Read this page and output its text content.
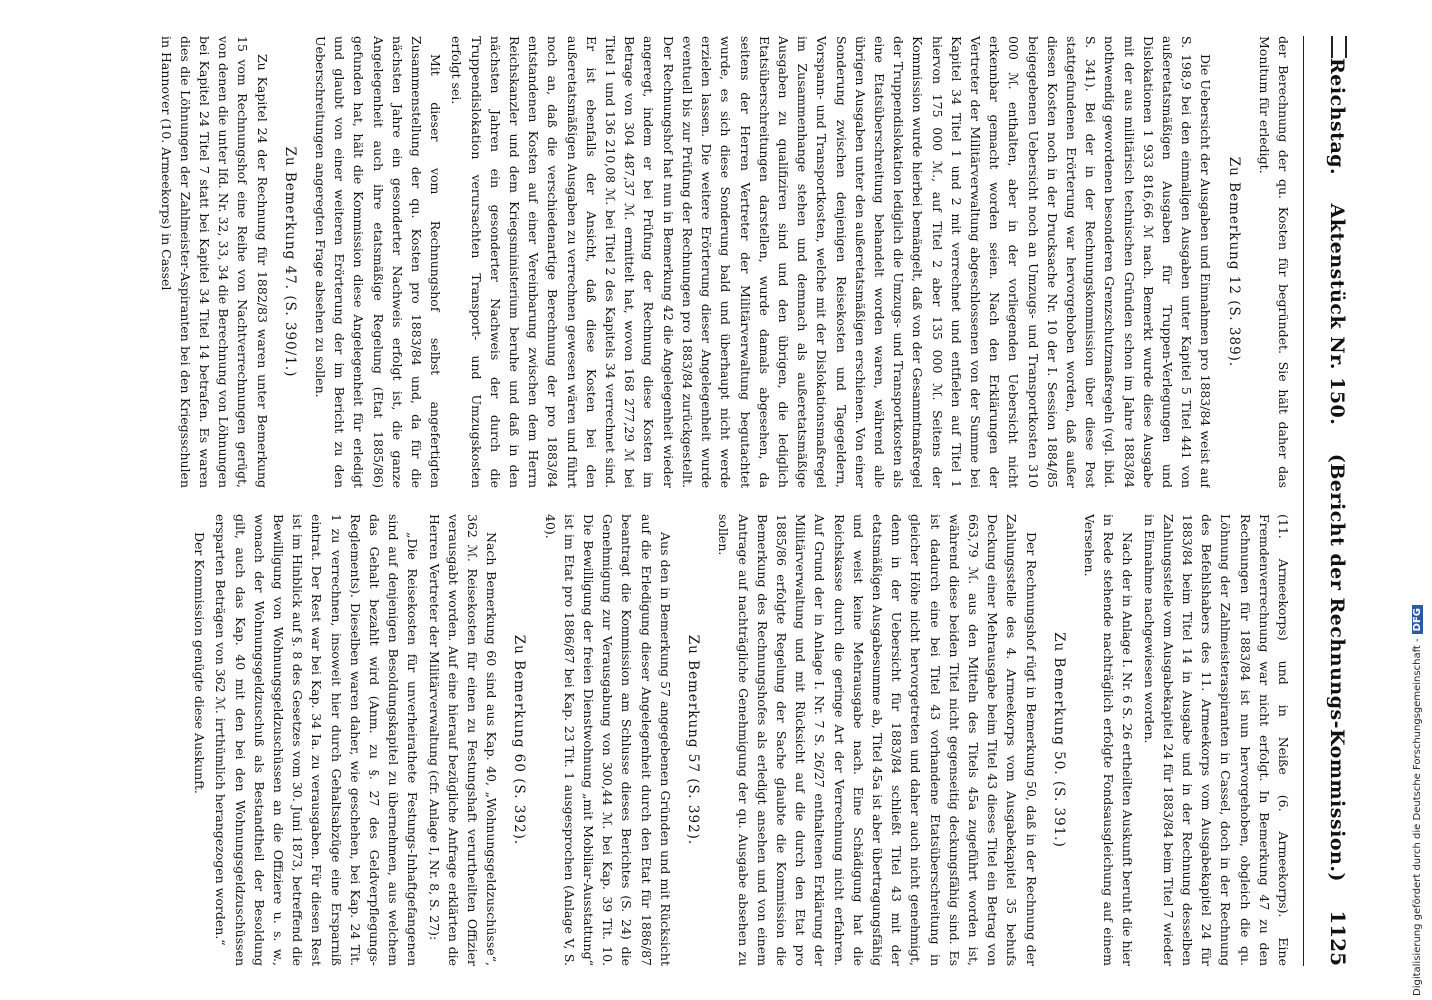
Reichstag.
Aktenstück Nr. 150.    (Bericht der Rechnungs-Kommission.)
1125

der Berechnung der qu. Kosten für begründet. Sie hält daher das Monitum für erledigt.

Zu Bemerkung 12 (S. 389).

Die Uebersicht der Ausgaben und Einnahmen pro 1883/84 weist auf S. 198,9 bei den einmaligen Ausgaben unter Kapitel 5 Titel 441 von außeretatsmäßigen Ausgaben für Truppen-Verlegungen und Dislokationen 1 933 816,66 ℳ nach. Bemerkt wurde diese Ausgabe mit der aus militärisch technischen Gründen schon im Jahre 1883/84 nothwendig gewordenen besonderen Grenzschutzmaßregeln (vgl. ibid. S. 341). Bei der in der Rechnungskommission über diese Post stattgefundenen Erörterung war hervorgehoben worden, daß außer diesen Kosten noch in der Drucksache Nr. 10 der I. Session 1884/85 beigegebenen Uebersicht noch an Umzugs- und Transportkosten 310 000 ℳ. enthalten, aber in der vorliegenden Uebersicht nicht erkennbar gemacht worden seien. Nach den Erklärungen der Vertreter der Militärverwaltung abgeschlossenen von der Summe bei Kapitel 34 Titel 1 und 2 mit verrechnet und entfielen auf Titel 1 hiervon 175 000 ℳ., auf Titel 2 aber 135 000 ℳ. Seitens der Kommission wurde hierbei bemängelt, daß von der Gesammtmaßregel der Truppendislokation lediglich die Umzugs- und Transportkosten als eine Etatsüberschreitung behandelt worden waren, während alle übrigen Ausgaben unter den außeretatsmäßigen erschienen. Von einer Sonderung zwischen denjenigen Reisekosten und Tagegeldern, Vorspann- und Transportkosten, welche mit der Dislokationsmaßregel im Zusammenhange stehen und demnach als außeretatsmäßige Ausgaben zu qualifiziren sind und den übrigen, die lediglich Etatsüberschreitungen darstellen, wurde damals abgesehen, da seitens der Herren Vertreter der Militärverwaltung begutachtet wurde, es sich diese Sonderung bald und überhaupt nicht werde erzielen lassen. Die weitere Erörterung dieser Angelegenheit wurde eventuell bis zur Prüfung der Rechnungen pro 1883/84 zurückgestellt. Der Rechnungshof hat nun in Bemerkung 42 die Angelegenheit wieder angeregt, indem er bei Prüfung der Rechnung diese Kosten im Betrage von 304 487,37 ℳ. ermittelt hat, wovon 168 277,29 ℳ bei Titel 1 und 136 210,08 ℳ. bei Titel 2 des Kapitels 34 verrechnet sind. Er ist ebenfalls der Ansicht, daß diese Kosten bei den außeretatsmäßigen Ausgaben zu verrechnen gewesen wären und führt noch an, daß die verschiedenartige Berechnung der pro 1883/84 entstandenen Kosten auf einer Vereinbarung zwischen dem Herrn Reichskanzler und dem Kriegsministerium beruhe und daß in den nächsten Jahren ein gesonderter Nachweis der durch die Truppendislokation verursachten Transport- und Umzugskosten erfolgt sei.

Mit dieser vom Rechnungshof selbst angefertigten Zusammenstellung der qu. Kosten pro 1883/84 und, da für die nächsten Jahre ein gesonderter Nachweis erfolgt ist, die ganze Angelegenheit auch ihre etatsmäßige Regelung (Etat 1885/86) gefunden hat, hält die Kommission diese Angelegenheit für erledigt und glaubt von einer weiteren Erörterung der im Bericht zu den Ueberschreitungen angeregten Frage absehen zu sollen.

Zu Bemerkung 47. (S. 390/1.)

Zu Kapitel 24 der Rechnung für 1882/83 waren unter Bemerkung 15 vom Rechnungshof eine Reihe von Nachtverrechnungen gerügt, von denen die unter lfd. Nr. 32, 33, 34 die Berechnung von Löhnungen bei Kapitel 24 Titel 7 statt bei Kapitel 34 Titel 14 betrafen. Es waren dies die Löhnungen der Zahlmeister-Aspiranten bei den Kriegsschulen in Hannover (10. Armeekorps) in Cassel

(11. Armeekorps) und in Neiße (6. Armeekorps). Eine Fremdenverrechnung war nicht erfolgt. In Bemerkung 47 zu den Rechnungen für 1883/84 ist nun hervorgehoben, obgleich die qu. Löhnung der Zahlmeisteraspiranten in Cassel, doch in der Rechnung des Befehlshabers des 11. Armeekorps vom Ausgabekapitel 24 für 1883/84 beim Titel 14 in Ausgabe und in der Rechnung desselben Zahlungsstelle vom Ausgabekapitel 24 für 1883/84 beim Titel 7 wieder in Einnahme nachgewiesen worden.

Nach der in Anlage I. Nr. 6 S. 26 ertheilten Auskunft beruht die hier in Rede stehende nachträglich erfolgte Fondsausgleichung auf einem Versehen.

Zu Bemerkung 50. (S. 391.)

Der Rechnungshof rügt in Bemerkung 50, daß in der Rechnung der Zahlungsstelle des 4. Armeekorps vom Ausgabekapitel 35 behufs Deckung einer Mehrausgabe beim Titel 43 dieses Titel ein Betrag von 663,79 ℳ. aus den Mitteln des Titels 45a zugeführt worden ist, während diese beiden Titel nicht gegenseitig deckungsfähig sind. Es ist dadurch eine bei Titel 43 vorhandene Etatsüberschreitung in gleicher Höhe nicht hervorgetreten und daher auch nicht genehmigt, denn in der Uebersicht für 1883/84 schließt Titel 43 mit der etatsmäßigen Ausgabesumme ab, Titel 45a ist aber übertragungsfähig und weist keine Mehrausgabe nach. Eine Schädigung hat die Reichskasse durch die geringe Art der Verrechnung nicht erfahren. Auf Grund der in Anlage I. Nr. 7 S. 26/27 enthaltenen Erklärung der Militärverwaltung und mit Rücksicht auf die durch den Etat pro 1885/86 erfolgte Regelung der Sache glaubte die Kommission die Bemerkung des Rechnungshofes als erledigt ansehen und von einem Antrage auf nachträgliche Genehmigung der qu. Ausgabe absehen zu sollen.

Zu Bemerkung 57 (S. 392).

Aus den in Bemerkung 57 angegebenen Gründen und mit Rücksicht auf die Erledigung dieser Angelegenheit durch den Etat für 1886/87 beantragt die Kommission am Schlusse dieses Berichtes (S. 24) die Genehmigung zur Verausgabung von 300,44 ℳ. bei Kap. 39 Tit. 10. Die Bewilligung der freien Dienstwohnung „mit Mobiliar-Ausstattung“ ist im Etat pro 1886/87 bei Kap. 23 Tit. 1 ausgesprochen (Anlage V, S. 40).

Zu Bemerkung 60 (S. 392).

Nach Bemerkung 60 sind aus Kap. 40, „Wohnungsgeldzuschüsse“, 362 ℳ. Reisekosten für einen zu Festungshaft verurtheilten Offizier verausgabt worden. Auf eine hierauf bezügliche Anfrage erklärten die Herren Vertreter der Militärverwaltung (cfr. Anlage I, Nr. 8, S. 27):

„Die Reisekosten für unverheirathete Festungs-Inhaftgefangenen sind auf denjenigen Besoldungskapitel zu übernehmen, aus welchem das Gehalt bezahlt wird (Anm. zu §. 27 des Geldverpflegungs-Reglements). Dieselben waren daher, wie geschehen, bei Kap. 24 Tit. 1 zu verrechnen, insoweit hier durch Gehaltsabzüge eine Ersparniß eintrat. Der Rest war bei Kap. 34 Ia. zu verausgaben. Für diesen Rest ist im Hinblick auf §. 8 des Gesetzes vom 30. Juni 1873, betreffend die Bewilligung von Wohnungsgeldzuschüssen an die Offiziere u. s. w., wonach der Wohnungsgeldzuschuß als Bestandtheil der Besoldung gilt, auch das Kap. 40 mit den bei den Wohnungsgeldzuschüssen ersparten Beträgen von 362 ℳ. irrthümlich herangezogen worden.“

Der Kommission genügte diese Auskunft.	Digitalisierung gefördert durch die Deutsche Forschungsgemeinschaft -DFG
